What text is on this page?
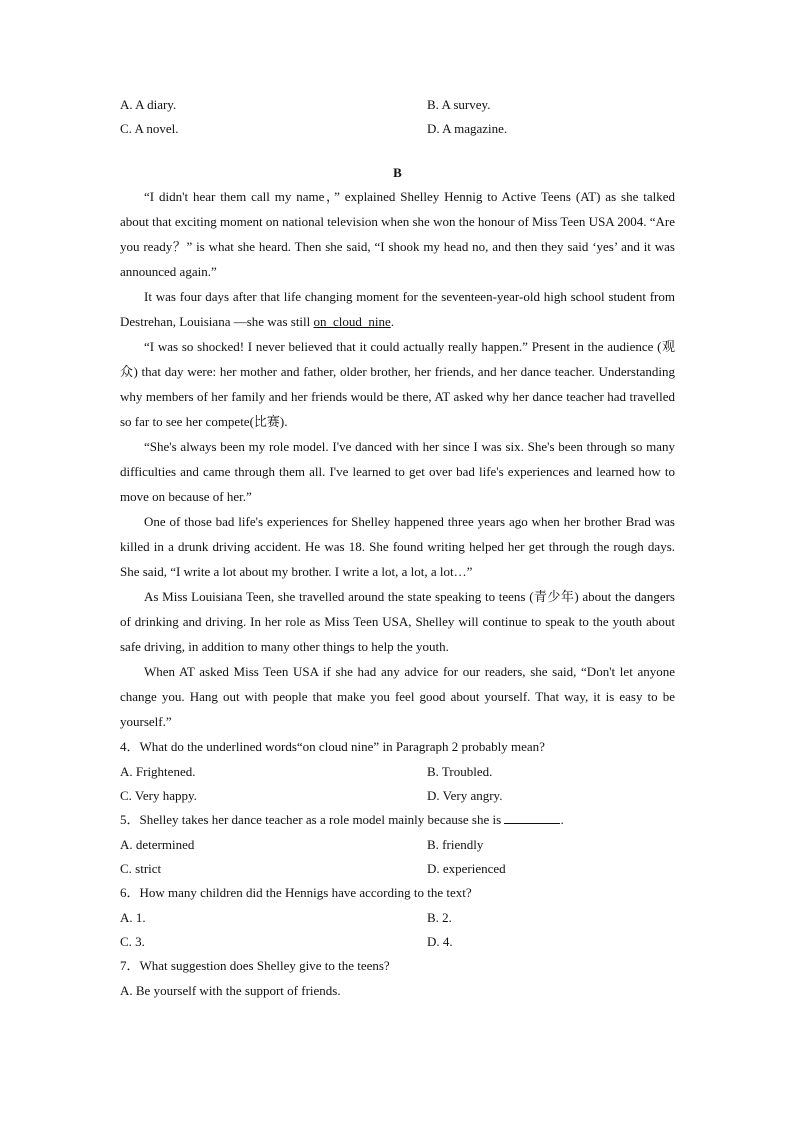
A. A diary.	B. A survey.
C. A novel.	D. A magazine.
B

“I didn't hear them call my name，” explained Shelley Hennig to Active Teens (AT) as she talked about that exciting moment on national television when she won the honour of Miss Teen USA 2004. “Are you ready？” is what she heard. Then she said, “I shook my head no, and then they said ‘yes’ and it was announced again.”

It was four days after that life changing moment for the seventeen-year-old high school student from Destrehan, Louisiana —she was still on_cloud_nine.

“I was so shocked! I never believed that it could actually really happen.” Present in the audience (观众) that day were: her mother and father, older brother, her friends, and her dance teacher. Understanding why members of her family and her friends would be there, AT asked why her dance teacher had travelled so far to see her compete(比赛).

“She's always been my role model. I've danced with her since I was six. She's been through so many difficulties and came through them all. I've learned to get over bad life's experiences and learned how to move on because of her.”

One of those bad life's experiences for Shelley happened three years ago when her brother Brad was killed in a drunk driving accident. He was 18. She found writing helped her get through the rough days. She said, “I write a lot about my brother. I write a lot, a lot, a lot…”

As Miss Louisiana Teen, she travelled around the state speaking to teens (青少年) about the dangers of drinking and driving. In her role as Miss Teen USA, Shelley will continue to speak to the youth about safe driving, in addition to many other things to help the youth.

When AT asked Miss Teen USA if she had any advice for our readers, she said, “Don't let anyone change you. Hang out with people that make you feel good about yourself. That way, it is easy to be yourself.”

4．What do the underlined words“on cloud nine” in Paragraph 2 probably mean?
A. Frightened.	B. Troubled.
C. Very happy.	D. Very angry.
5．Shelley takes her dance teacher as a role model mainly because she is	.
A. determined	B. friendly
C. strict	D. experienced
6．How many children did the Hennigs have according to the text?
A. 1.	B. 2.
C. 3.	D. 4.
7．What suggestion does Shelley give to the teens?
A. Be yourself with the support of friends.
